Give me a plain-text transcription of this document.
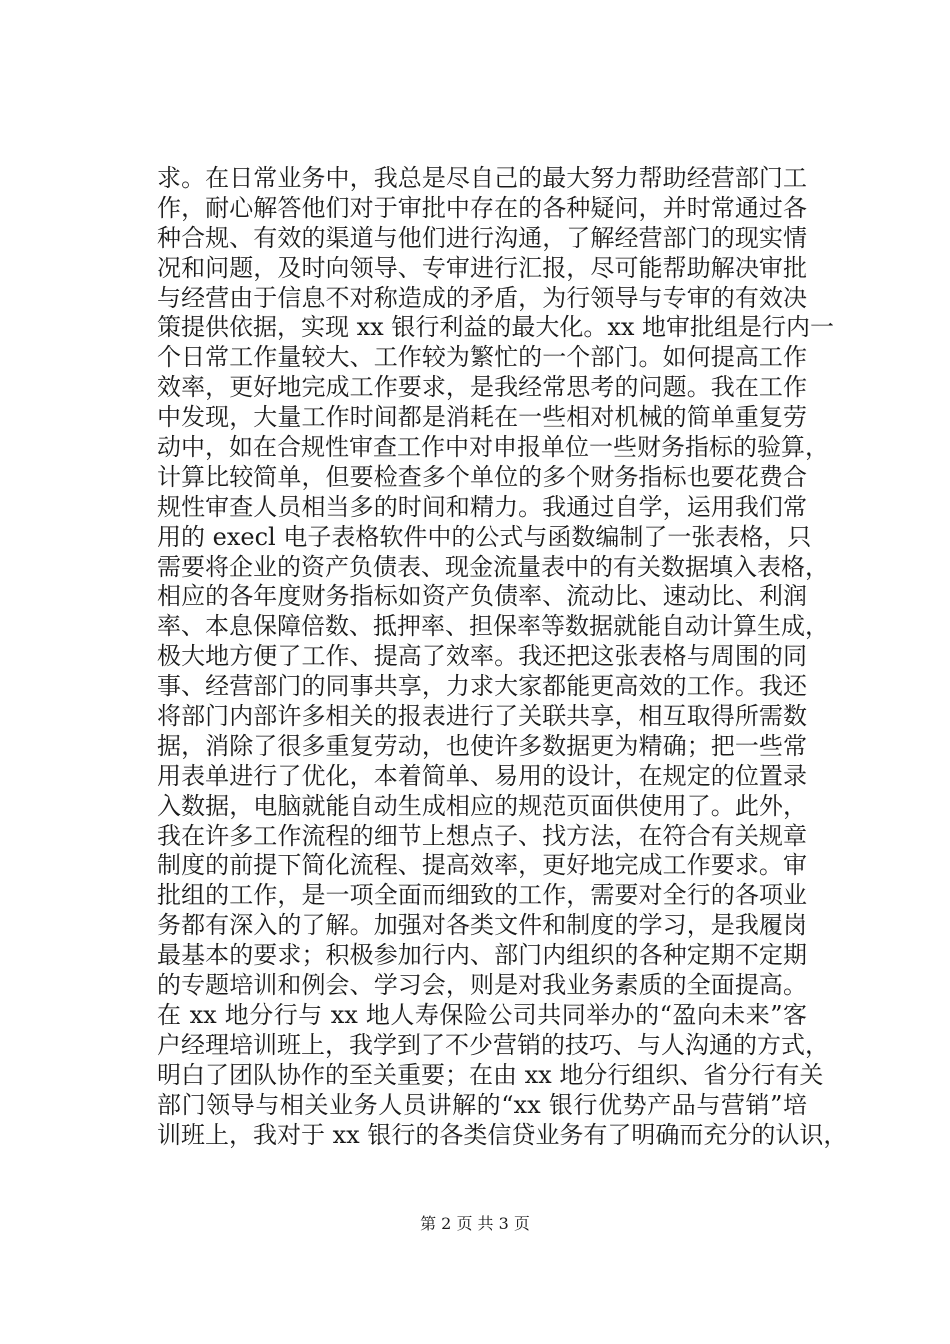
求。在日常业务中，我总是尽自己的最大努力帮助经营部门工
作，耐心解答他们对于审批中存在的各种疑问，并时常通过各
种合规、有效的渠道与他们进行沟通，了解经营部门的现实情
况和问题，及时向领导、专审进行汇报，尽可能帮助解决审批
与经营由于信息不对称造成的矛盾，为行领导与专审的有效决
策提供依据，实现 xx 银行利益的最大化。xx 地审批组是行内一
个日常工作量较大、工作较为繁忙的一个部门。如何提高工作
效率，更好地完成工作要求，是我经常思考的问题。我在工作
中发现，大量工作时间都是消耗在一些相对机械的简单重复劳
动中，如在合规性审查工作中对申报单位一些财务指标的验算，
计算比较简单，但要检查多个单位的多个财务指标也要花费合
规性审查人员相当多的时间和精力。我通过自学，运用我们常
用的 execl 电子表格软件中的公式与函数编制了一张表格，只
需要将企业的资产负债表、现金流量表中的有关数据填入表格，
相应的各年度财务指标如资产负债率、流动比、速动比、利润
率、本息保障倍数、抵押率、担保率等数据就能自动计算生成，
极大地方便了工作、提高了效率。我还把这张表格与周围的同
事、经营部门的同事共享，力求大家都能更高效的工作。我还
将部门内部许多相关的报表进行了关联共享，相互取得所需数
据，消除了很多重复劳动，也使许多数据更为精确；把一些常
用表单进行了优化，本着简单、易用的设计，在规定的位置录
入数据，电脑就能自动生成相应的规范页面供使用了。此外，
我在许多工作流程的细节上想点子、找方法，在符合有关规章
制度的前提下简化流程、提高效率，更好地完成工作要求。审
批组的工作，是一项全面而细致的工作，需要对全行的各项业
务都有深入的了解。加强对各类文件和制度的学习，是我履岗
最基本的要求；积极参加行内、部门内组织的各种定期不定期
的专题培训和例会、学习会，则是对我业务素质的全面提高。
在 xx 地分行与 xx 地人寿保险公司共同举办的“盈向未来”客
户经理培训班上，我学到了不少营销的技巧、与人沟通的方式，
明白了团队协作的至关重要；在由 xx 地分行组织、省分行有关
部门领导与相关业务人员讲解的“xx 银行优势产品与营销”培
训班上，我对于 xx 银行的各类信贷业务有了明确而充分的认识，
第 2 页 共 3 页
